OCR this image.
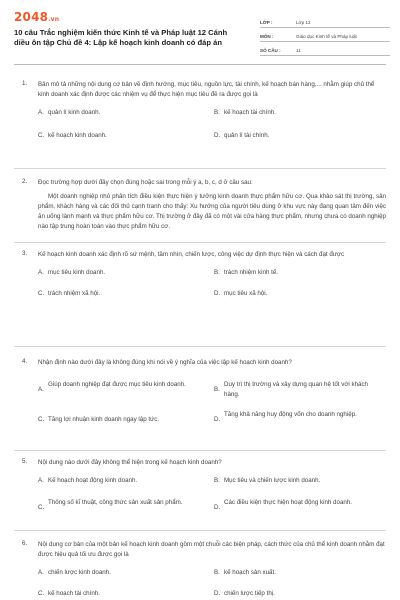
2048.vn
10 câu Trắc nghiệm kiến thức Kinh tế và Pháp luật 12 Cánh diều ôn tập Chủ đề 4: Lập kế hoạch kinh doanh có đáp án
LỚP :	Lớp 12
MÔN :	Giáo dục Kinh tế và Pháp luật
SỐ CÂU :	11
1. Bản mô tả những nội dung cơ bản về định hướng, mục tiêu, nguồn lực, tài chính, kế hoạch bán hàng,... nhằm giúp chủ thể kinh doanh xác định được các nhiệm vụ để thực hiện mục tiêu đề ra được gọi là
A. quản lí kinh doanh.	B. kế hoạch tài chính.
C. kế hoạch kinh doanh.	D. quản lí tài chính.
2. Đọc trường hợp dưới đây chọn đúng hoặc sai trong mỗi ý a, b, c, d ở câu sau:
Một doanh nghiệp nhỏ phân tích điều kiện thực hiện ý tưởng kinh doanh thực phẩm hữu cơ. Qua khảo sát thị trường, sản phẩm, khách hàng và các đối thủ cạnh tranh cho thấy: Xu hướng của người tiêu dùng ở khu vực này đang quan tâm đến việc ăn uống lành mạnh và thực phẩm hữu cơ. Thị trường ở đây đã có một vài cửa hàng thực phẩm, nhưng chưa có doanh nghiệp nào tập trung hoàn toàn vào thực phẩm hữu cơ.
3. Kế hoạch kinh doanh xác định rõ sứ mệnh, tầm nhìn, chiến lược, công việc dự định thực hiện và cách đạt được
A. mục tiêu kinh doanh.	B. trách nhiệm kinh tế.
C. trách nhiệm xã hội.	D. mục tiêu xã hội.
4. Nhận định nào dưới đây là không đúng khi nói về ý nghĩa của việc lập kế hoạch kinh doanh?
A.
Giúp doanh nghiệp đạt được mục tiêu kinh doanh.
B.
Duy trì thị trường và xây dựng quan hệ tốt với khách hàng.
C. Tăng lợi nhuận kinh doanh ngay lập tức.	D.
Tăng khả năng huy động vốn cho doanh nghiệp.
5. Nội dung nào dưới đây không thể hiện trong kế hoạch kinh doanh?
A. Kế hoạch hoạt động kinh doanh.	B. Mục tiêu và chiến lược kinh doanh.
C.
Thông số kĩ thuật, công thức sản xuất sản phẩm.
D.
Các điều kiện thực hiện hoạt động kinh doanh.
6. Nội dung cơ bản của một bản kế hoạch kinh doanh gồm một chuỗi các biện pháp, cách thức của chủ thể kinh doanh nhằm đạt được hiệu quả tối ưu được gọi là
A. chiến lược kinh doanh.	B. kế hoạch sản xuất.
C. kế hoạch tài chính.	D. chiến lược tiếp thị.
